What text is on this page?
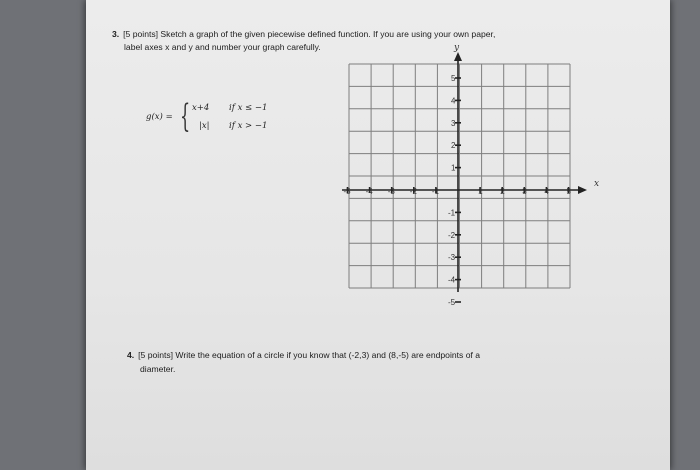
3. [5 points] Sketch a graph of the given piecewise defined function. If you are using your own paper,
label axes x and y and number your graph carefully.
g(x) = { x+4 if x ≤ −1
|x| if x > −1
-5 -4 -3 -2 -1	1 2 3 4 5
5
4
3
2
1
-1
-2
-3
-4
-5
x
y
4. [5 points] Write the equation of a circle if you know that (-2,3) and (8,-5) are endpoints of a
diameter.
